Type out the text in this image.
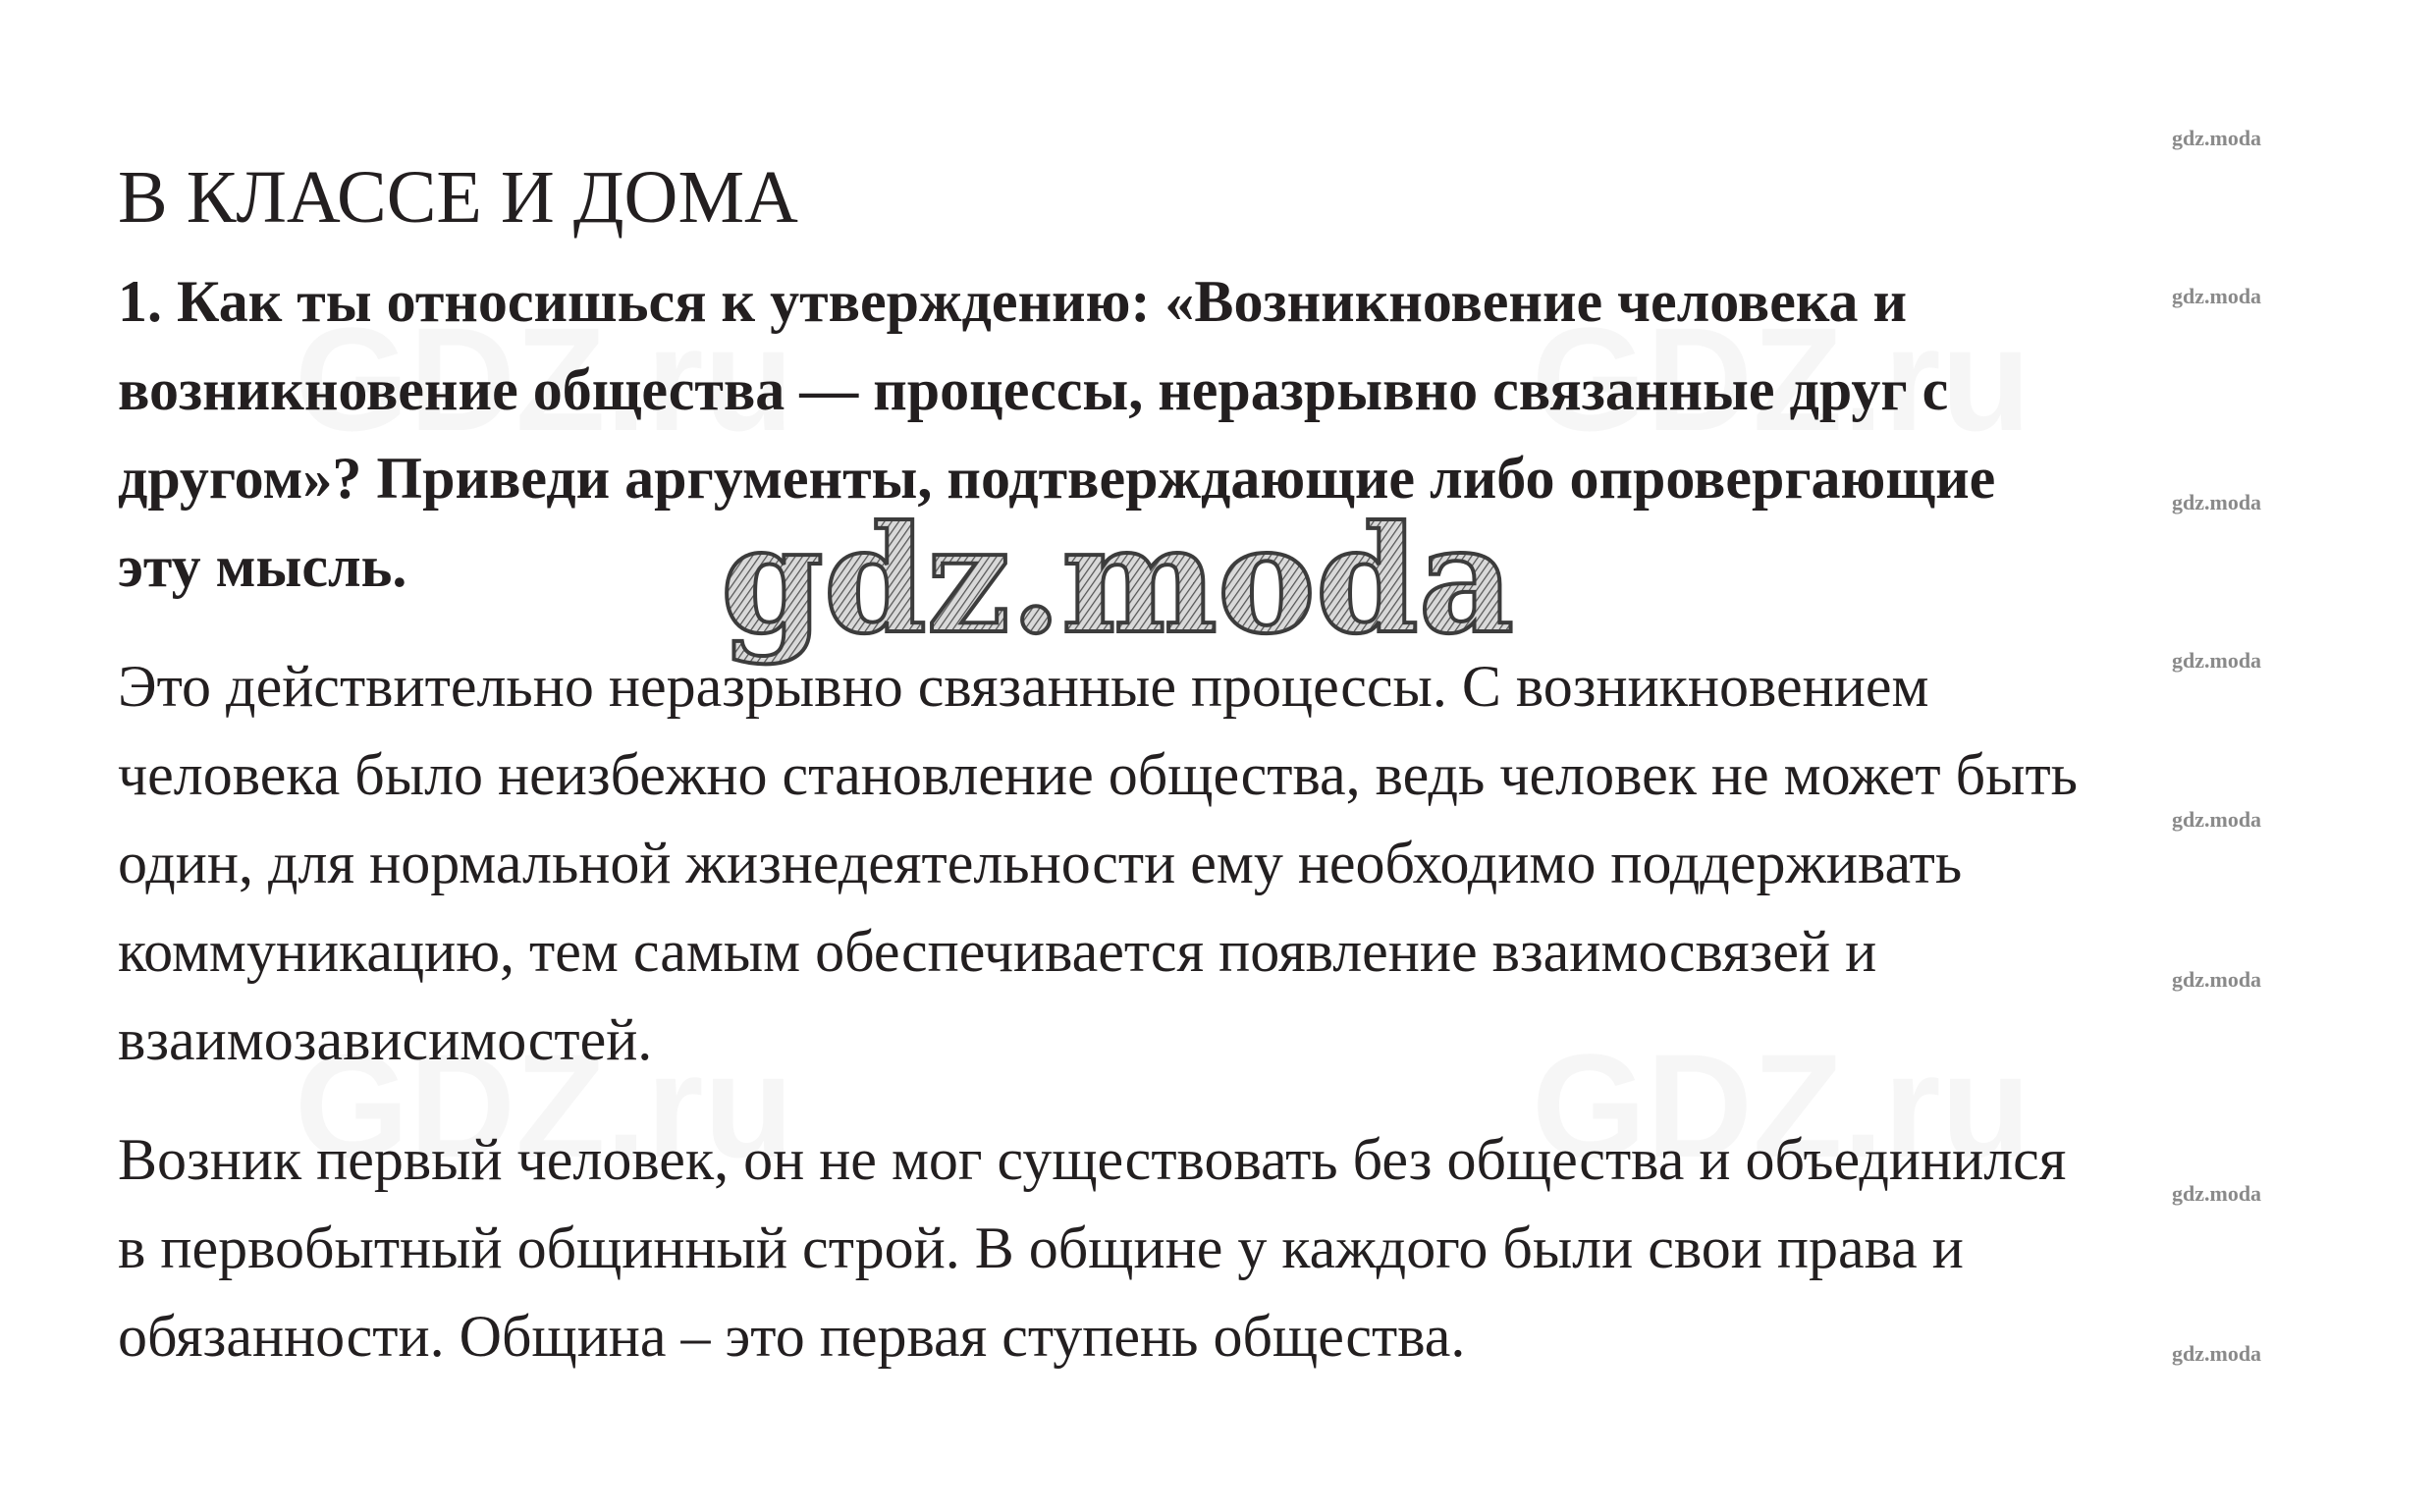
В КЛАССЕ И ДОМА
1. Как ты относишься к утверждению: «Возникновение человека и
возникновение общества — процессы, неразрывно связанные друг с
другом»? Приведи аргументы, подтверждающие либо опровергающие
эту мысль.
Это действительно неразрывно связанные процессы. С возникновением
человека было неизбежно становление общества, ведь человек не может быть
один, для нормальной жизнедеятельности ему необходимо поддерживать
коммуникацию, тем самым обеспечивается появление взаимосвязей и
взаимозависимостей.
Возник первый человек, он не мог существовать без общества и объединился
в первобытный общинный строй. В общине у каждого были свои права и
обязанности. Община – это первая ступень общества.
gdz.moda
gdz.moda
gdz.moda
gdz.moda
gdz.moda
gdz.moda
gdz.moda
gdz.moda
gdz.moda
